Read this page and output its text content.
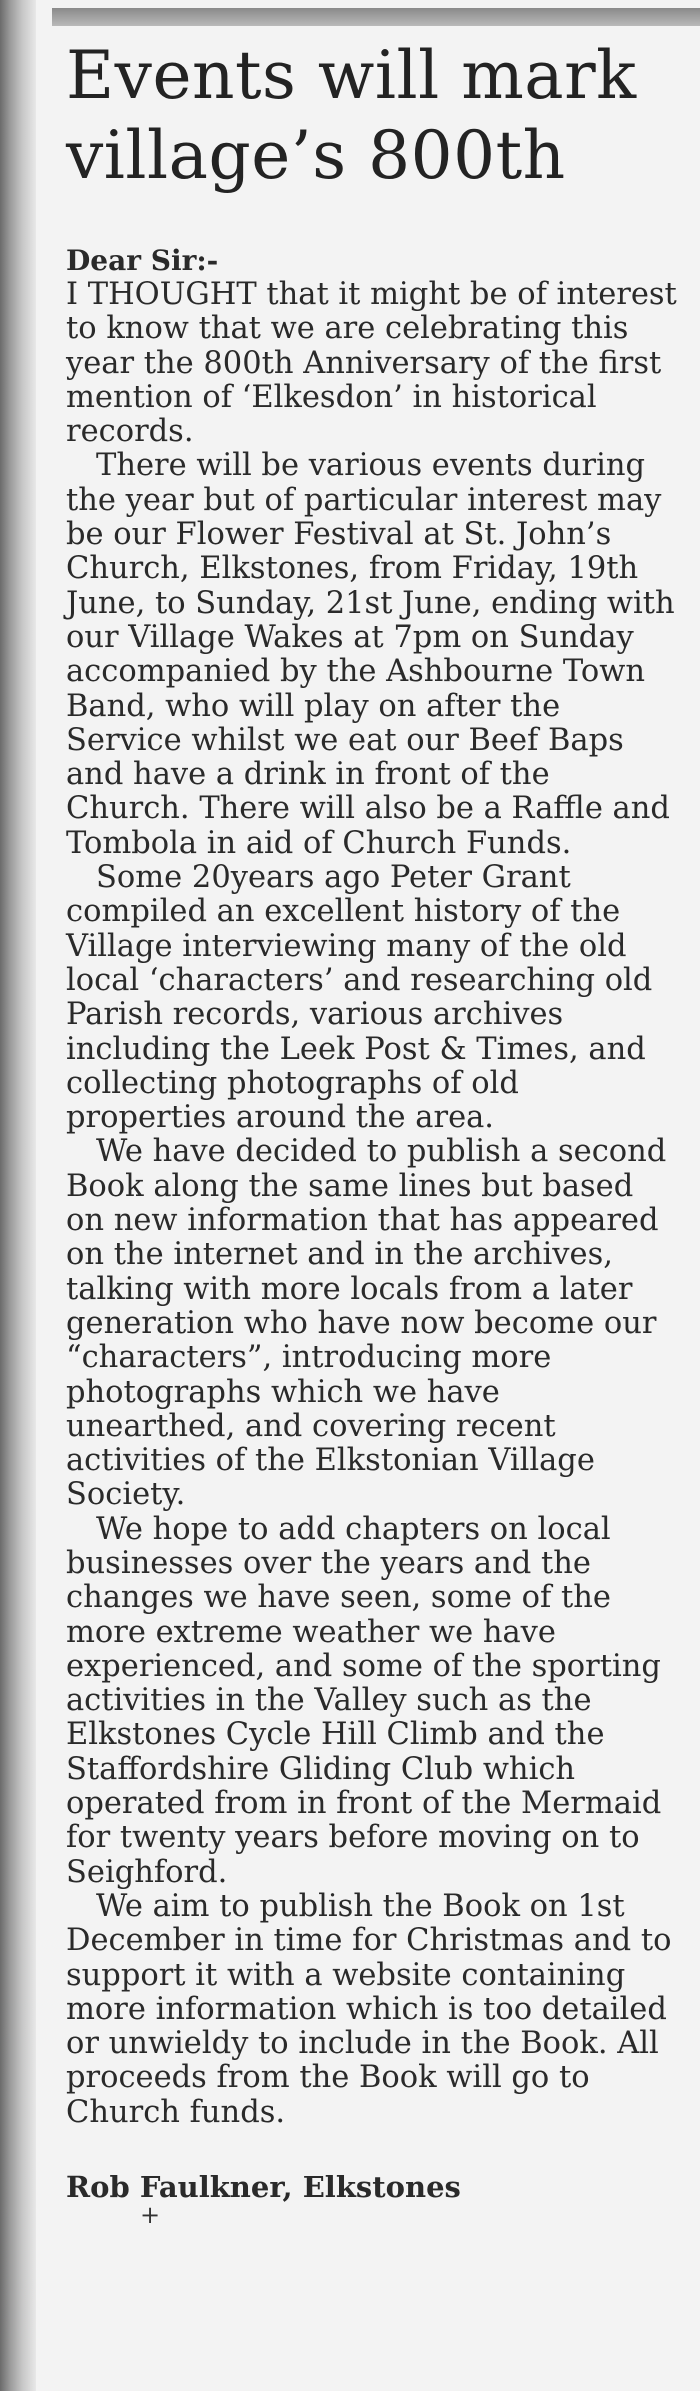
Events will mark village’s 800th
Dear Sir:-

I THOUGHT that it might be of interest to know that we are celebrating this year the 800th Anniversary of the first mention of ‘Elkesdon’ in historical records.

There will be various events during the year but of particular interest may be our Flower Festival at St. John’s Church, Elkstones, from Friday, 19th June, to Sunday, 21st June, ending with our Village Wakes at 7pm on Sunday accompanied by the Ashbourne Town Band, who will play on after the Service whilst we eat our Beef Baps and have a drink in front of the Church. There will also be a Raffle and Tombola in aid of Church Funds.

Some 20years ago Peter Grant compiled an excellent history of the Village interviewing many of the old local ‘characters’ and researching old Parish records, various archives including the Leek Post & Times, and collecting photographs of old properties around the area.

We have decided to publish a second Book along the same lines but based on new information that has appeared on the internet and in the archives, talking with more locals from a later generation who have now become our “characters”, introducing more photographs which we have unearthed, and covering recent activities of the Elkstonian Village Society.

We hope to add chapters on local businesses over the years and the changes we have seen, some of the more extreme weather we have experienced, and some of the sporting activities in the Valley such as the Elkstones Cycle Hill Climb and the Staffordshire Gliding Club which operated from in front of the Mermaid for twenty years before moving on to Seighford.

We aim to publish the Book on 1st December in time for Christmas and to support it with a website containing more information which is too detailed or unwieldy to include in the Book. All proceeds from the Book will go to Church funds.

Rob Faulkner, Elkstones
+
